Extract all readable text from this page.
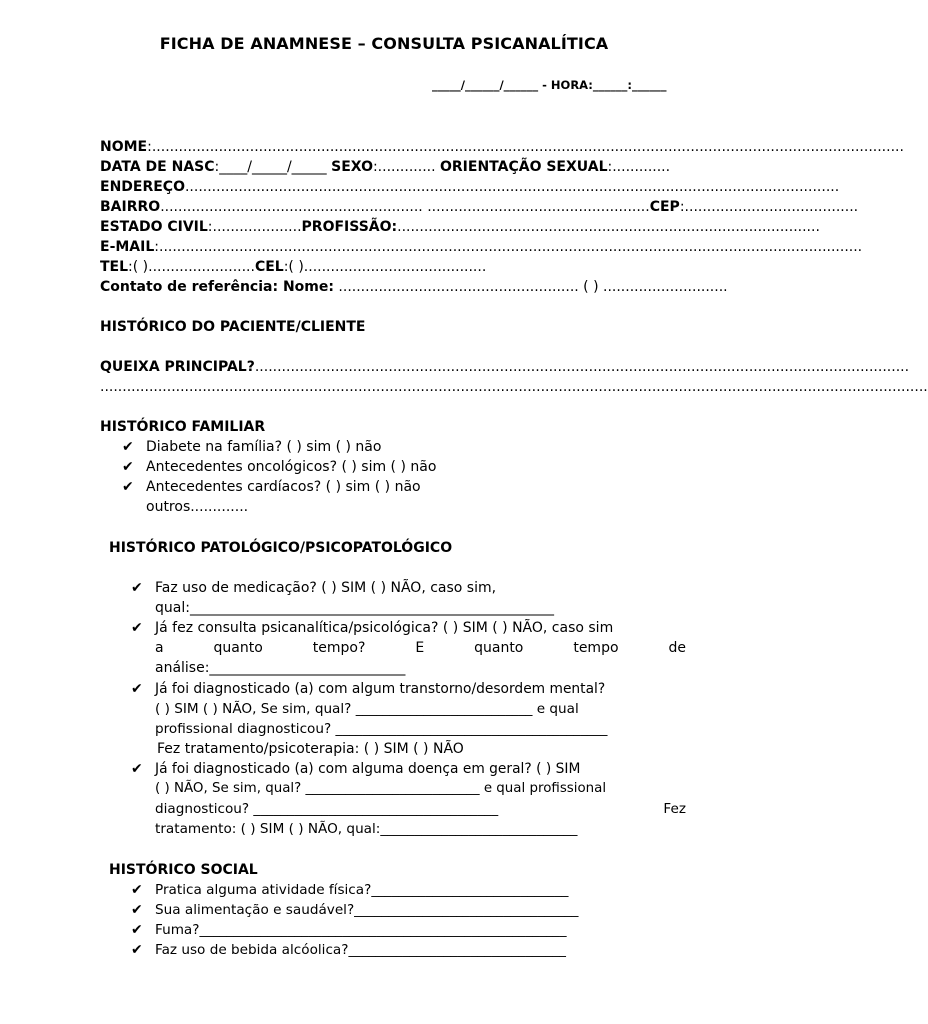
FICHA DE ANAMNESE – CONSULTA PSICANALÍTICA
_____/______/______ - HORA:______:______
NOME:.........................................................................................................................................................................
DATA DE NASC:____/_____/_____ SEXO:............. ORIENTAÇÃO SEXUAL:.............
ENDEREÇO...................................................................................................................................................
BAIRRO........................................................... ..................................................CEP:.......................................
ESTADO CIVIL:....................PROFISSÃO:...............................................................................................
E-MAIL:..............................................................................................................................................................
TEL:( )........................CEL:( ).........................................
Contato de referência: Nome: ...................................................... ( ) ............................
HISTÓRICO DO PACIENTE/CLIENTE
QUEIXA PRINCIPAL?...................................................................................................................................................
..........................................................................................................................................................................................
HISTÓRICO FAMILIAR
✔ Diabete na família? ( ) sim ( ) não
✔ Antecedentes oncológicos? ( ) sim ( ) não
✔ Antecedentes cardíacos? ( ) sim ( ) não
outros.............
HISTÓRICO PATOLÓGICO/PSICOPATOLÓGICO
✔ Faz uso de medicação? ( ) SIM ( ) NÃO, caso sim,
qual:____________________________________________________
✔ Já fez consulta psicanalítica/psicológica? ( ) SIM ( ) NÃO, caso sim
a	quanto	tempo?	E	quanto	tempo	de
análise:____________________________
✔ Já foi diagnosticado (a) com algum transtorno/desordem mental?
( ) SIM ( ) NÃO, Se sim, qual? __________________________ e qual
profissional diagnosticou? ________________________________________
Fez tratamento/psicoterapia: ( ) SIM ( ) NÃO
✔ Já foi diagnosticado (a) com alguma doença em geral? ( ) SIM
( ) NÃO, Se sim, qual? __________________________ e qual profissional
diagnosticou? ____________________________________	Fez
tratamento: ( ) SIM ( ) NÃO, qual:_____________________________
HISTÓRICO SOCIAL
✔ Pratica alguma atividade física?_____________________________
✔ Sua alimentação e saudável?_________________________________
✔ Fuma?______________________________________________________
✔ Faz uso de bebida alcóolica?________________________________
